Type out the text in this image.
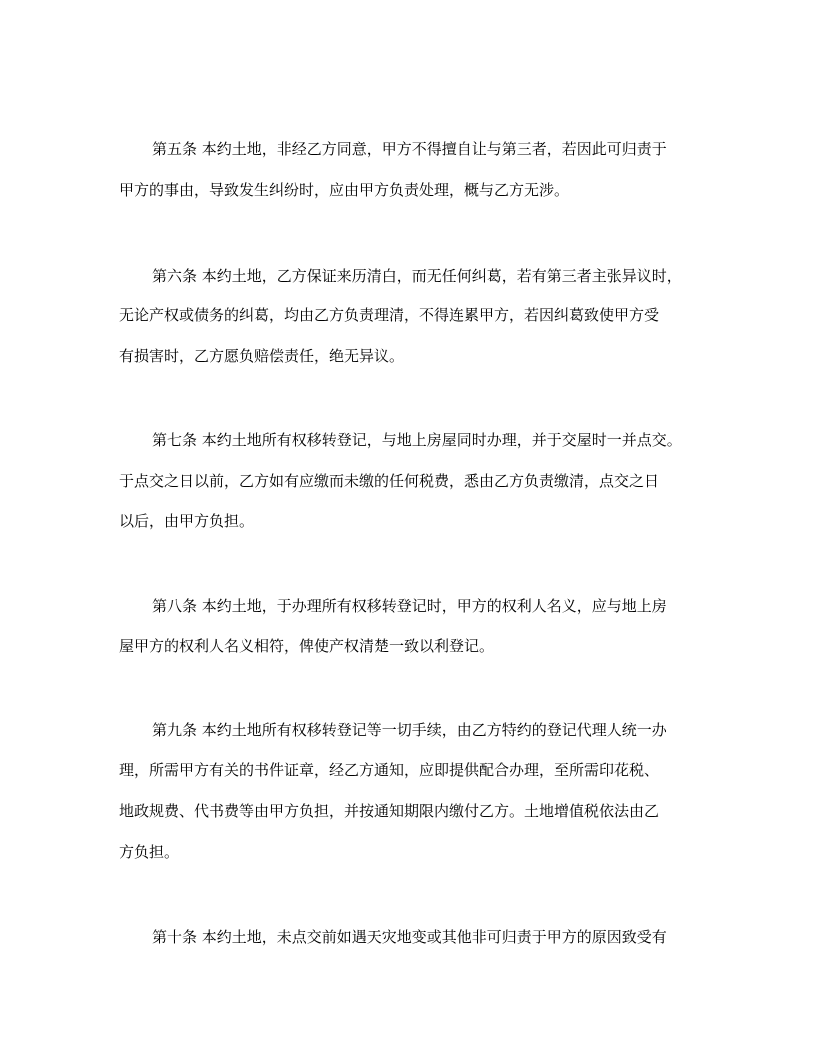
第五条 本约土地，非经乙方同意，甲方不得擅自让与第三者，若因此可归责于
甲方的事由，导致发生纠纷时，应由甲方负责处理，概与乙方无涉。
第六条 本约土地，乙方保证来历清白，而无任何纠葛，若有第三者主张异议时，
无论产权或债务的纠葛，均由乙方负责理清，不得连累甲方，若因纠葛致使甲方受
有损害时，乙方愿负赔偿责任，绝无异议。
第七条 本约土地所有权移转登记，与地上房屋同时办理，并于交屋时一并点交。
于点交之日以前，乙方如有应缴而未缴的任何税费，悉由乙方负责缴清，点交之日
以后，由甲方负担。
第八条 本约土地，于办理所有权移转登记时，甲方的权利人名义，应与地上房
屋甲方的权利人名义相符，俾使产权清楚一致以利登记。
第九条 本约土地所有权移转登记等一切手续，由乙方特约的登记代理人统一办
理，所需甲方有关的书件证章，经乙方通知，应即提供配合办理，至所需印花税、
地政规费、代书费等由甲方负担，并按通知期限内缴付乙方。土地增值税依法由乙
方负担。
第十条 本约土地，未点交前如遇天灾地变或其他非可归责于甲方的原因致受有
